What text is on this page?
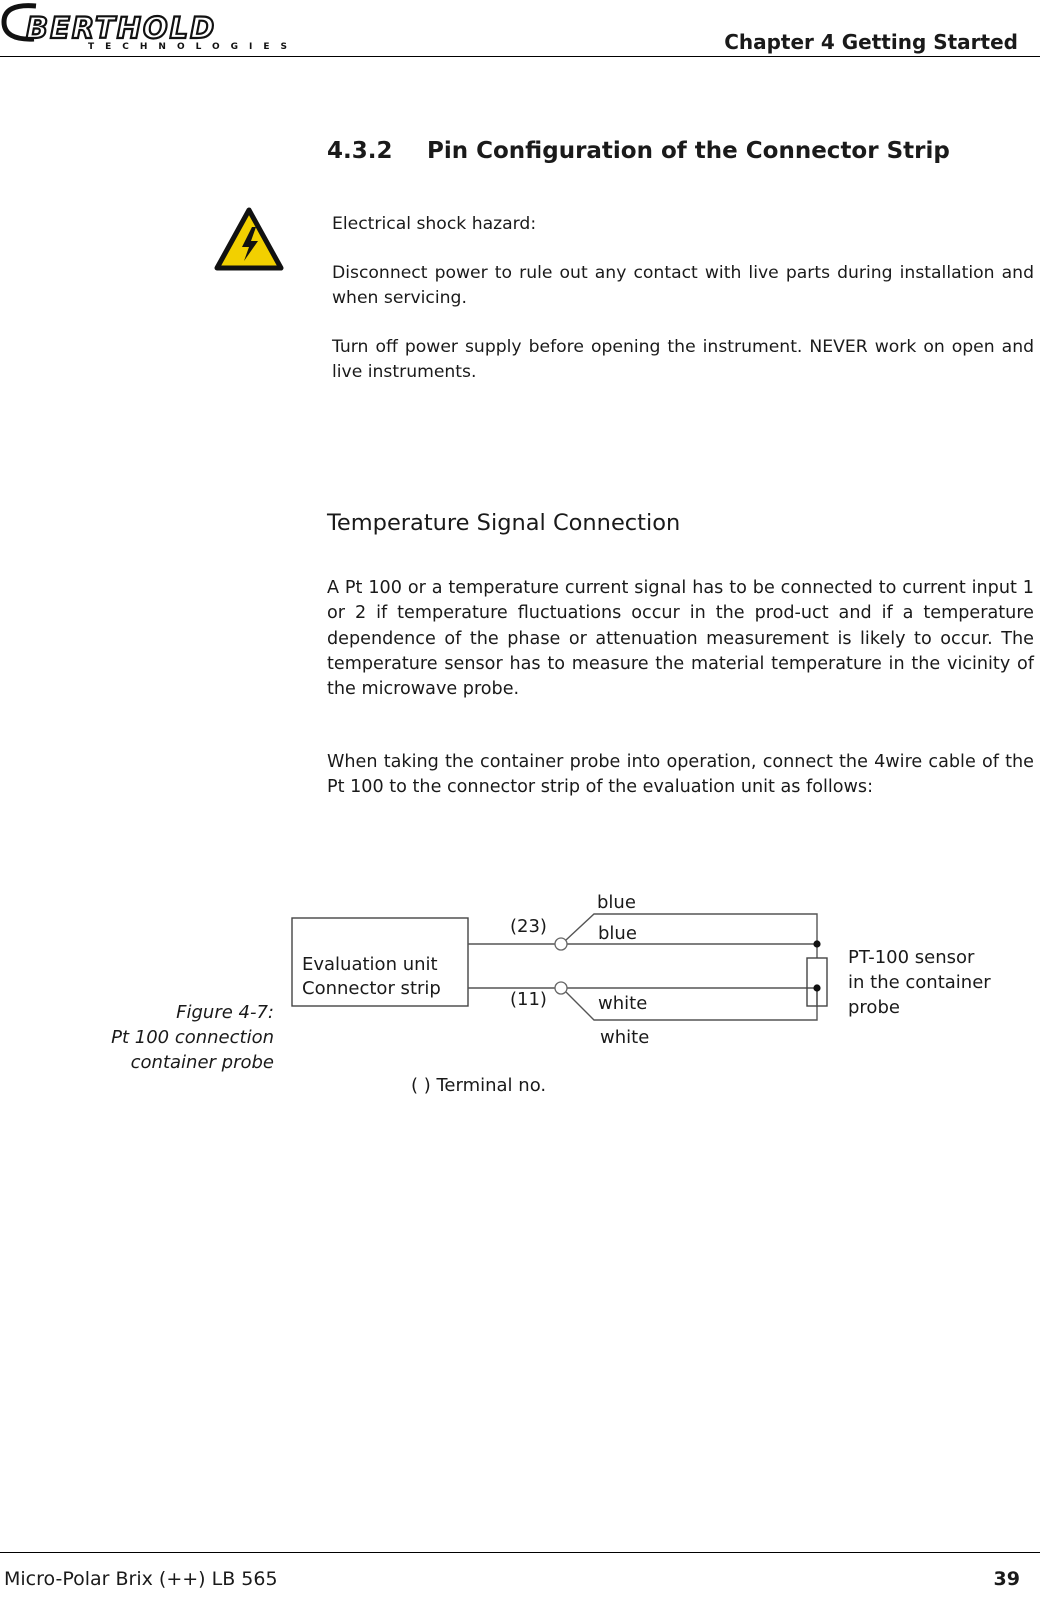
BERTHOLD
TECHNOLOGIES	Chapter 4 Getting Started
4.3.2 Pin Configuration of the Connector Strip
Electrical shock hazard:
Disconnect power to rule out any contact with live parts during installation and when servicing.
Turn off power supply before opening the instrument. NEVER work on open and live instruments.
Temperature Signal Connection
A Pt 100 or a temperature current signal has to be connected to current input 1 or 2 if temperature fluctuations occur in the prod-uct and if a temperature dependence of the phase or attenuation measurement is likely to occur. The temperature sensor has to measure the material temperature in the vicinity of the microwave probe.
When taking the container probe into operation, connect the 4wire cable of the Pt 100 to the connector strip of the evaluation unit as follows:
Figure 4-7:
Pt 100 connection
container probe
Evaluation unit
Connector strip
(23)
(11)
blue
blue
white
white
PT-100 sensor
in the container
probe
( ) Terminal no.
Micro-Polar Brix (++) LB 565	39
